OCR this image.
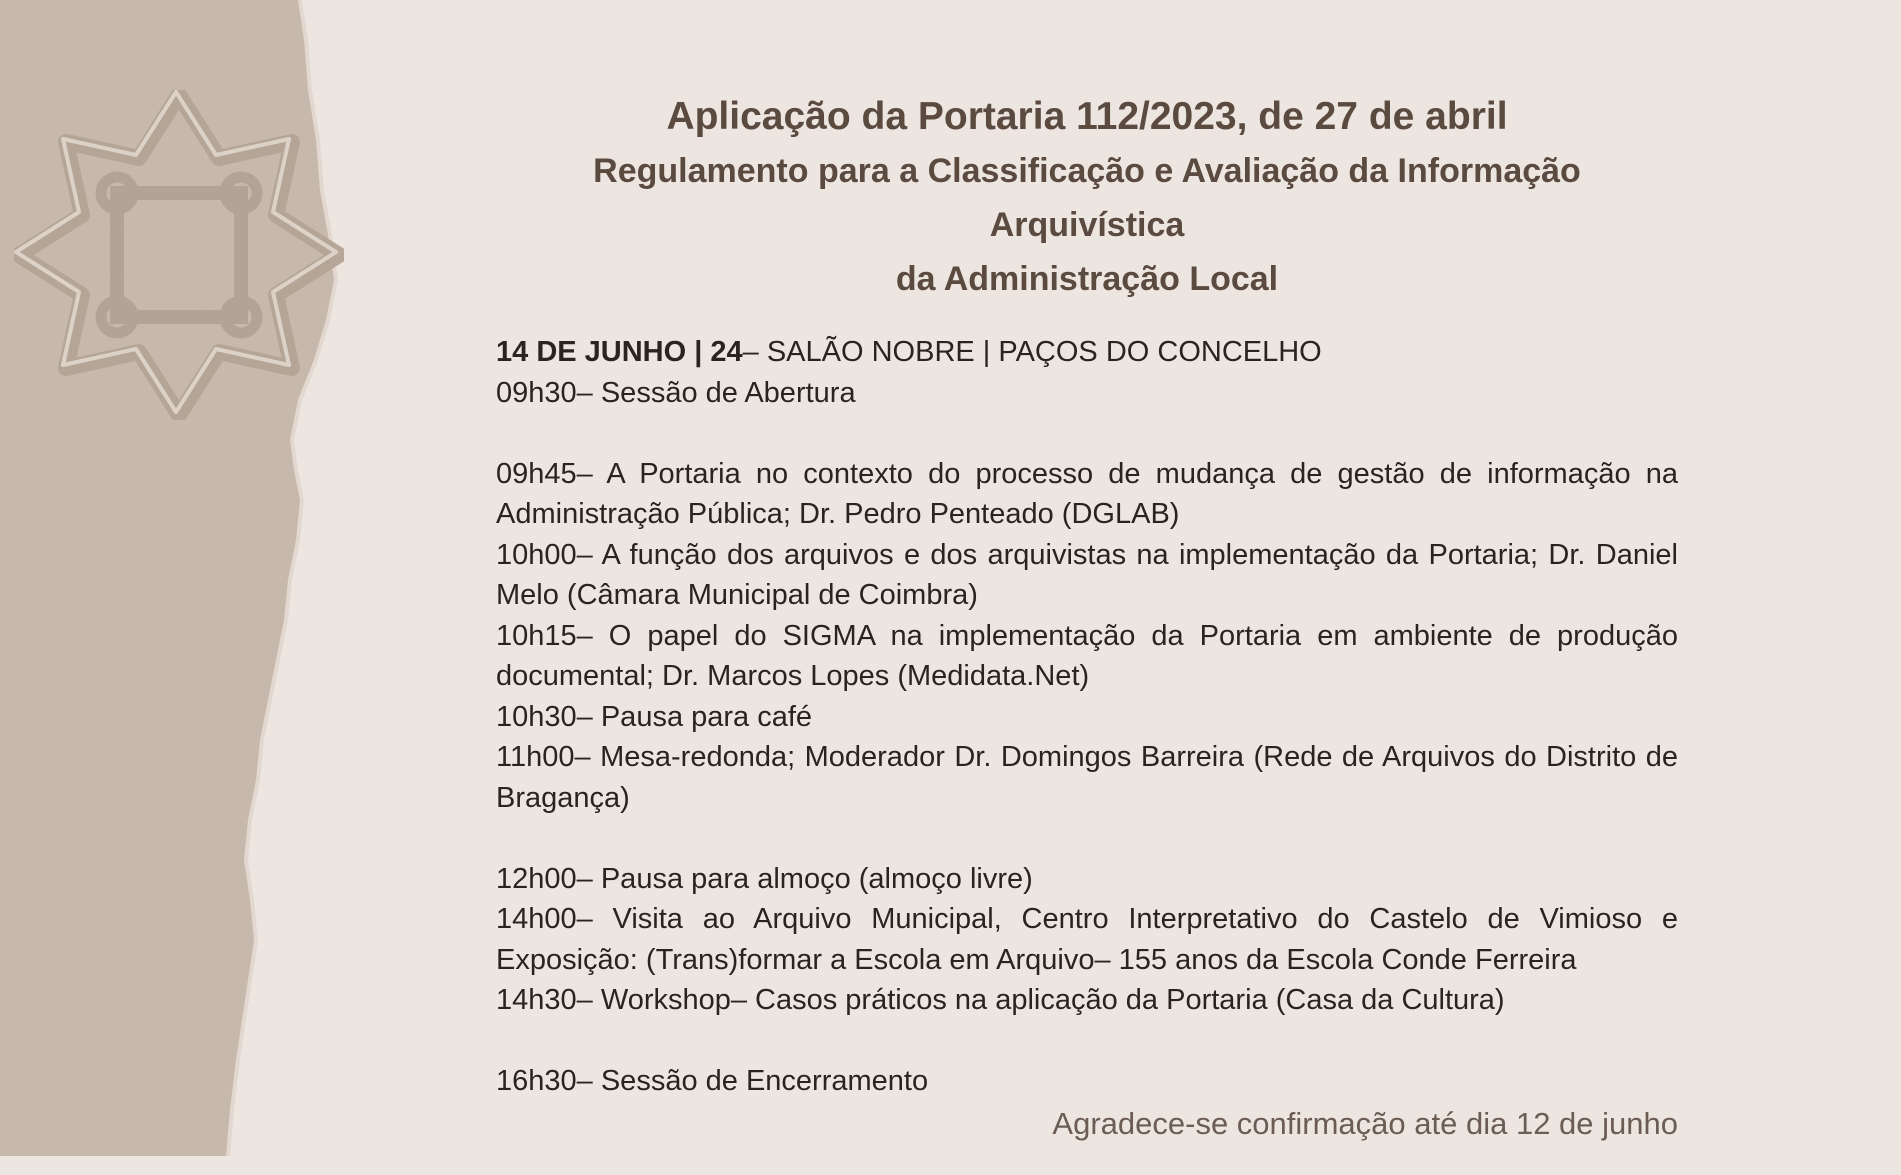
Aplicação da Portaria 112/2023, de 27 de abril

Regulamento para a Classificação e Avaliação da Informação Arquivística

da Administração Local

14 DE JUNHO | 24– SALÃO NOBRE | PAÇOS DO CONCELHO

09h30– Sessão de Abertura

09h45– A Portaria no contexto do processo de mudança de gestão de informação na Administração Pública; Dr. Pedro Penteado (DGLAB)

10h00– A função dos arquivos e dos arquivistas na implementação da Portaria; Dr. Daniel Melo (Câmara Municipal de Coimbra)

10h15– O papel do SIGMA na implementação da Portaria em ambiente de produção documental; Dr. Marcos Lopes (Medidata.Net)

10h30– Pausa para café

11h00– Mesa-redonda; Moderador Dr. Domingos Barreira (Rede de Arquivos do Distrito de Bragança)

12h00– Pausa para almoço (almoço livre)

14h00– Visita ao Arquivo Municipal, Centro Interpretativo do Castelo de Vimioso e Exposição: (Trans)formar a Escola em Arquivo– 155 anos da Escola Conde Ferreira

14h30– Workshop– Casos práticos na aplicação da Portaria (Casa da Cultura)

16h30– Sessão de Encerramento

Agradece-se confirmação até dia 12 de junho
